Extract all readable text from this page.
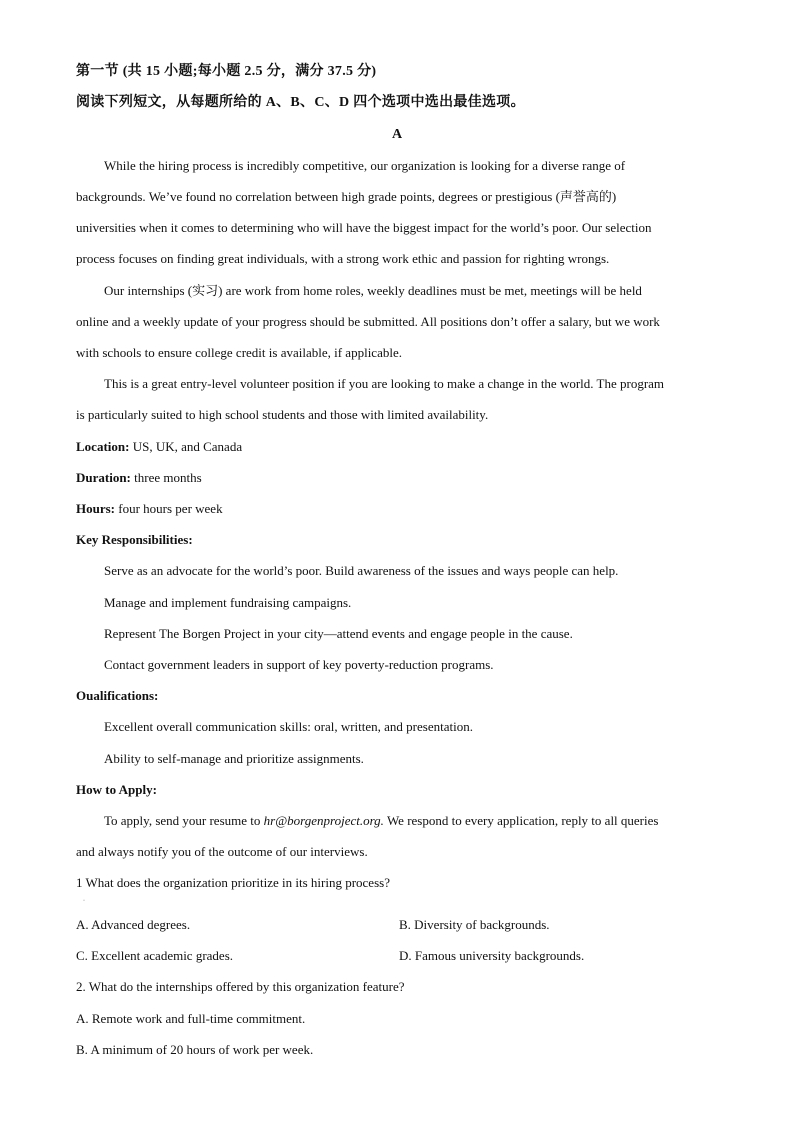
第一节 (共 15 小题;每小题 2.5 分，满分 37.5 分)
阅读下列短文，从每题所给的 A、B、C、D 四个选项中选出最佳选项。
A
While the hiring process is incredibly competitive, our organization is looking for a diverse range of
backgrounds. We’ve found no correlation between high grade points, degrees or prestigious (声誉高的)
universities when it comes to determining who will have the biggest impact for the world’s poor. Our selection
process focuses on finding great individuals, with a strong work ethic and passion for righting wrongs.
Our internships (实习) are work from home roles, weekly deadlines must be met, meetings will be held
online and a weekly update of your progress should be submitted. All positions don’t offer a salary, but we work
with schools to ensure college credit is available, if applicable.
This is a great entry-level volunteer position if you are looking to make a change in the world. The program
is particularly suited to high school students and those with limited availability.
Location: US, UK, and Canada
Duration: three months
Hours: four hours per week
Key Responsibilities:
Serve as an advocate for the world’s poor. Build awareness of the issues and ways people can help.
Manage and implement fundraising campaigns.
Represent The Borgen Project in your city—attend events and engage people in the cause.
Contact government leaders in support of key poverty-reduction programs.
Oualifications:
Excellent overall communication skills: oral, written, and presentation.
Ability to self-manage and prioritize assignments.
How to Apply:
To apply, send your resume to hr@borgenproject.org. We respond to every application, reply to all queries
and always notify you of the outcome of our interviews.
1 What does the organization prioritize in its hiring process?
·
A. Advanced degrees.	B. Diversity of backgrounds.
C. Excellent academic grades.	D. Famous university backgrounds.
2. What do the internships offered by this organization feature?
A. Remote work and full-time commitment.
B. A minimum of 20 hours of work per week.
